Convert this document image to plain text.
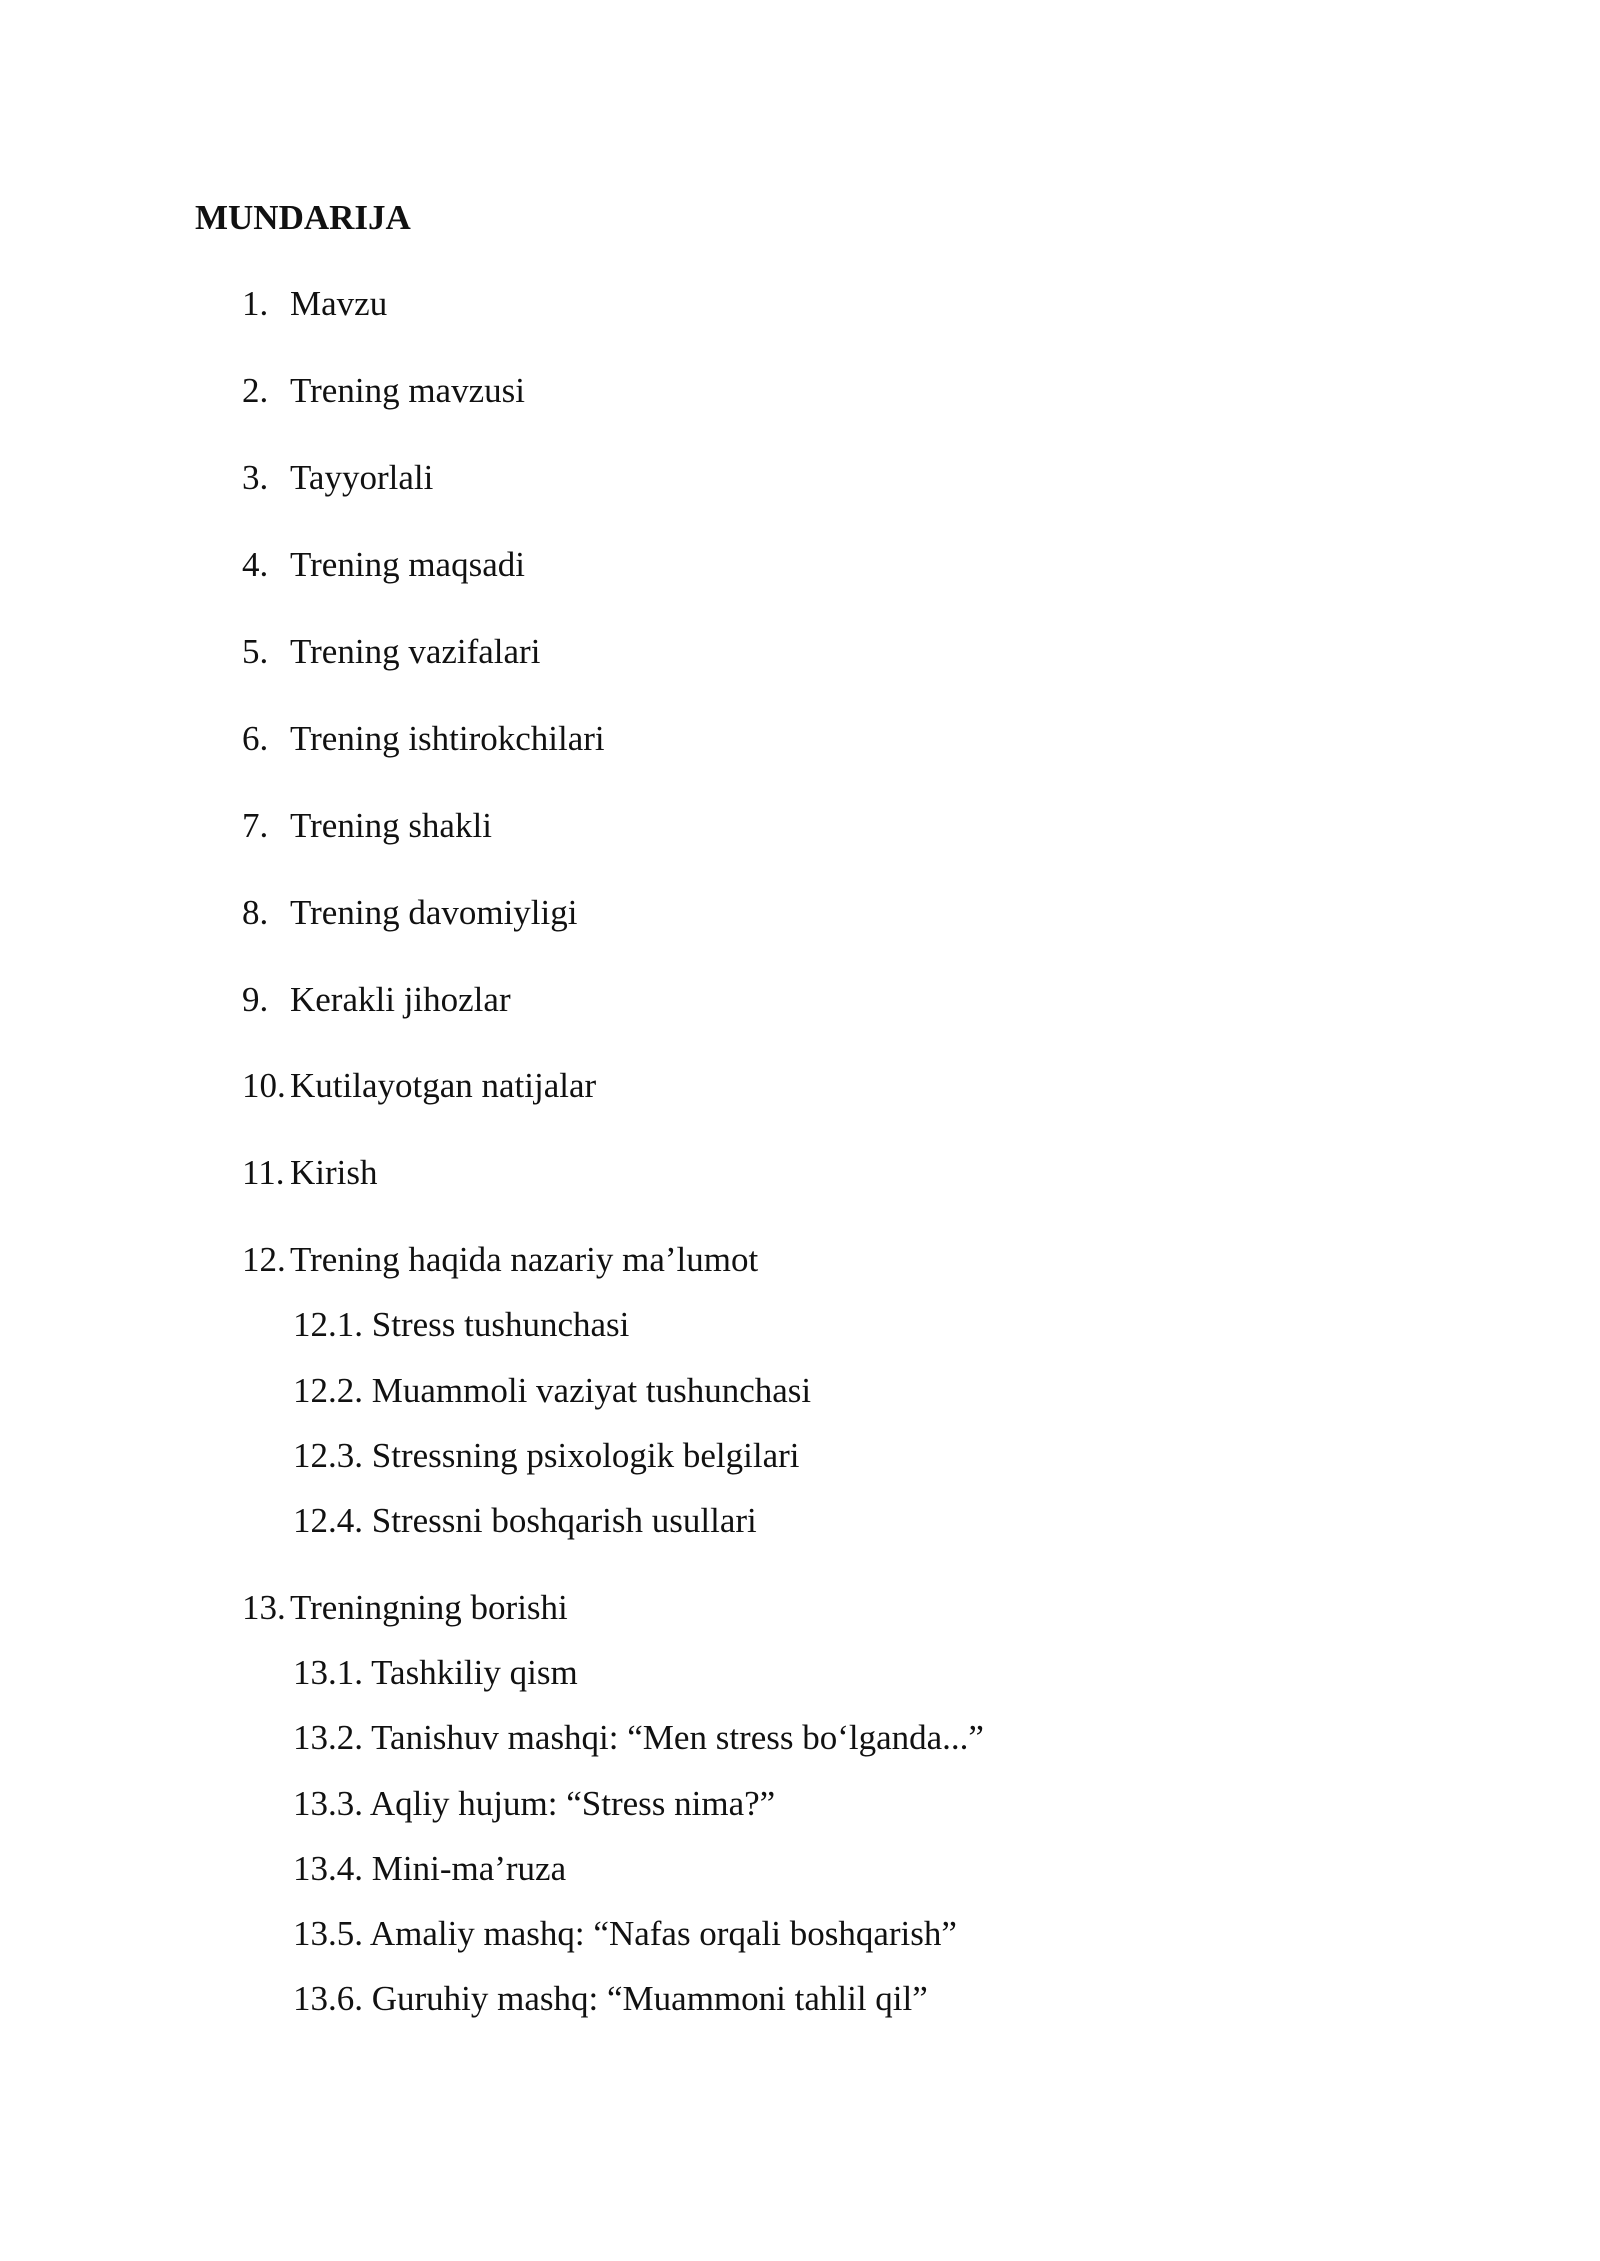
MUNDARIJA
1. Mavzu
2. Trening mavzusi
3. Tayyorlali
4. Trening maqsadi
5. Trening vazifalari
6. Trening ishtirokchilari
7. Trening shakli
8. Trening davomiyligi
9. Kerakli jihozlar
10. Kutilayotgan natijalar
11. Kirish
12. Trening haqida nazariy ma’lumot
12.1. Stress tushunchasi
12.2. Muammoli vaziyat tushunchasi
12.3. Stressning psixologik belgilari
12.4. Stressni boshqarish usullari
13. Treningning borishi
13.1. Tashkiliy qism
13.2. Tanishuv mashqi: “Men stress bo‘lganda...”
13.3. Aqliy hujum: “Stress nima?”
13.4. Mini-ma’ruza
13.5. Amaliy mashq: “Nafas orqali boshqarish”
13.6. Guruhiy mashq: “Muammoni tahlil qil”
